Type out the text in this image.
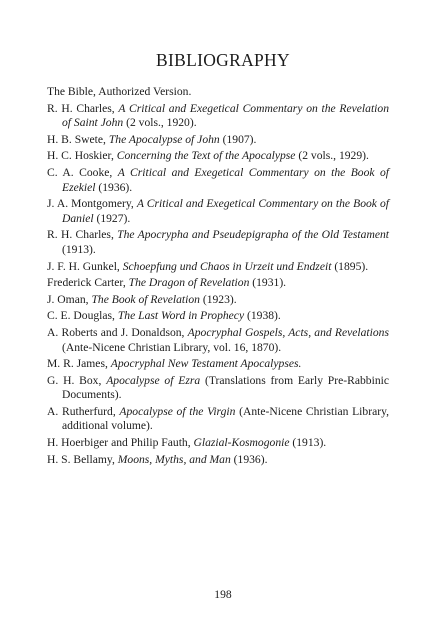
BIBLIOGRAPHY
The Bible, Authorized Version.
R. H. Charles, A Critical and Exegetical Commentary on the Revelation of Saint John (2 vols., 1920).
H. B. Swete, The Apocalypse of John (1907).
H. C. Hoskier, Concerning the Text of the Apocalypse (2 vols., 1929).
C. A. Cooke, A Critical and Exegetical Commentary on the Book of Ezekiel (1936).
J. A. Montgomery, A Critical and Exegetical Commentary on the Book of Daniel (1927).
R. H. Charles, The Apocrypha and Pseudepigrapha of the Old Testament (1913).
J. F. H. Gunkel, Schoepfung und Chaos in Urzeit und Endzeit (1895).
Frederick Carter, The Dragon of Revelation (1931).
J. Oman, The Book of Revelation (1923).
C. E. Douglas, The Last Word in Prophecy (1938).
A. Roberts and J. Donaldson, Apocryphal Gospels, Acts, and Revelations (Ante-Nicene Christian Library, vol. 16, 1870).
M. R. James, Apocryphal New Testament Apocalypses.
G. H. Box, Apocalypse of Ezra (Translations from Early Pre-Rabbinic Documents).
A. Rutherfurd, Apocalypse of the Virgin (Ante-Nicene Christian Library, additional volume).
H. Hoerbiger and Philip Fauth, Glazial-Kosmogonie (1913).
H. S. Bellamy, Moons, Myths, and Man (1936).
198
